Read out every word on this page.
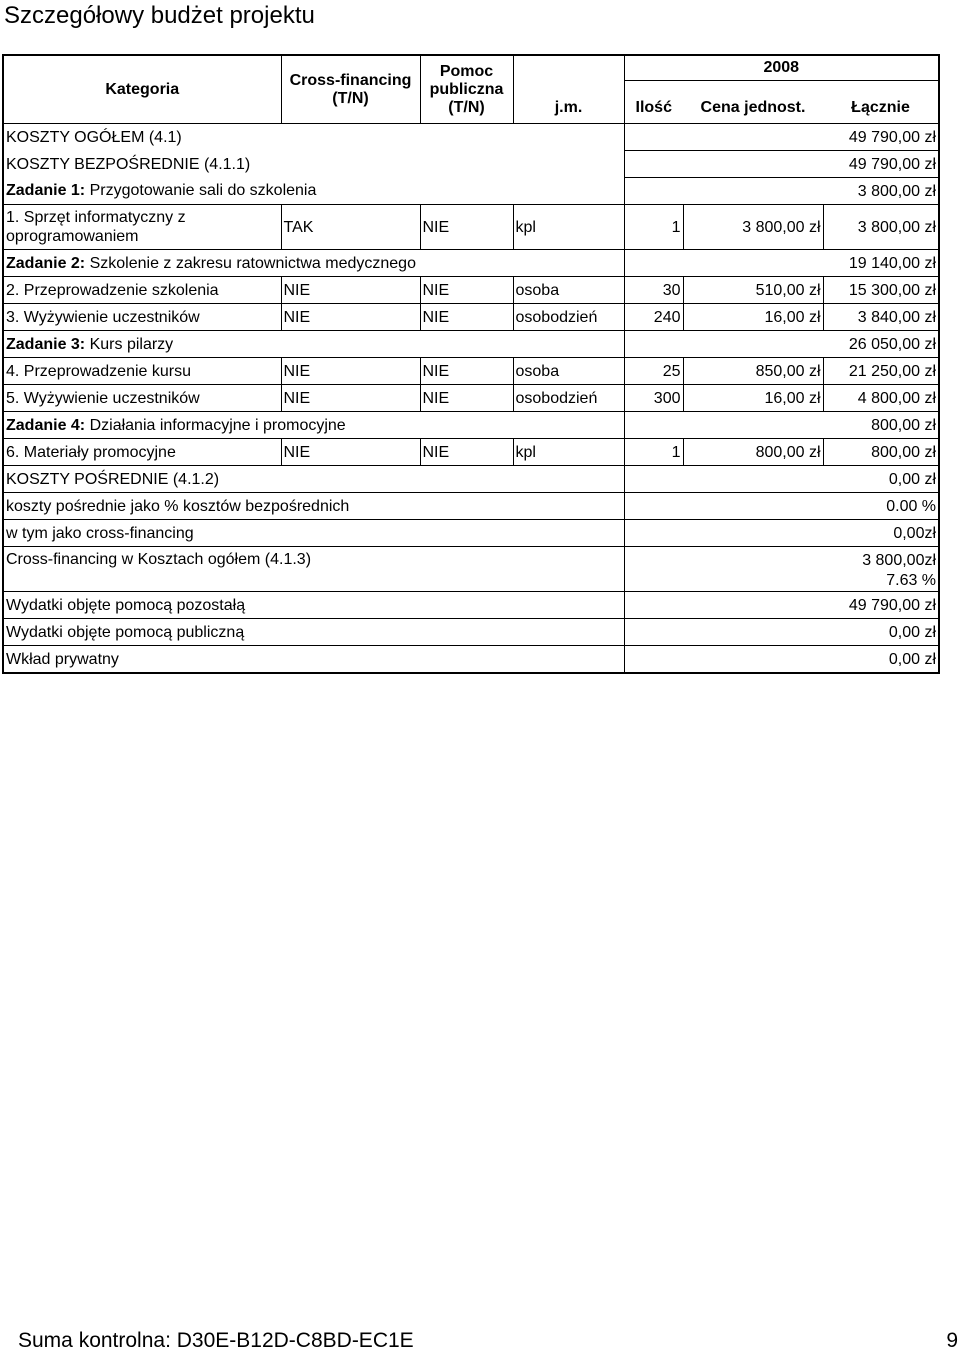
Szczegółowy budżet projektu
Kategoria	Cross-financing (T/N)	Pomoc publiczna (T/N)	j.m.	2008		
				Ilość	Cena jednost.	Łącznie
KOSZTY OGÓŁEM (4.1)				49 790,00 zł		
KOSZTY BEZPOŚREDNIE (4.1.1)				49 790,00 zł		
Zadanie 1: Przygotowanie sali do szkolenia				3 800,00 zł		
1. Sprzęt informatyczny z oprogramowaniem	TAK	NIE	kpl	1	3 800,00 zł	3 800,00 zł
Zadanie 2: Szkolenie z zakresu ratownictwa medycznego				19 140,00 zł		
2. Przeprowadzenie szkolenia	NIE	NIE	osoba	30	510,00 zł	15 300,00 zł
3. Wyżywienie uczestników	NIE	NIE	osobodzień	240	16,00 zł	3 840,00 zł
Zadanie 3: Kurs pilarzy				26 050,00 zł		
4. Przeprowadzenie kursu	NIE	NIE	osoba	25	850,00 zł	21 250,00 zł
5. Wyżywienie uczestników	NIE	NIE	osobodzień	300	16,00 zł	4 800,00 zł
Zadanie 4: Działania informacyjne i promocyjne				800,00 zł		
6. Materiały promocyjne	NIE	NIE	kpl	1	800,00 zł	800,00 zł
KOSZTY POŚREDNIE (4.1.2)				0,00 zł		
koszty pośrednie jako % kosztów bezpośrednich				0.00 %		
w tym jako cross-financing				0,00zł		
Cross-financing w Kosztach ogółem (4.1.3)				3 800,00zł
7.63 %		

Wydatki objęte pomocą pozostałą				49 790,00 zł		
Wydatki objęte pomocą publiczną				0,00 zł		
Wkład prywatny				0,00 zł		
Suma kontrolna: D30E-B12D-C8BD-EC1E	9
